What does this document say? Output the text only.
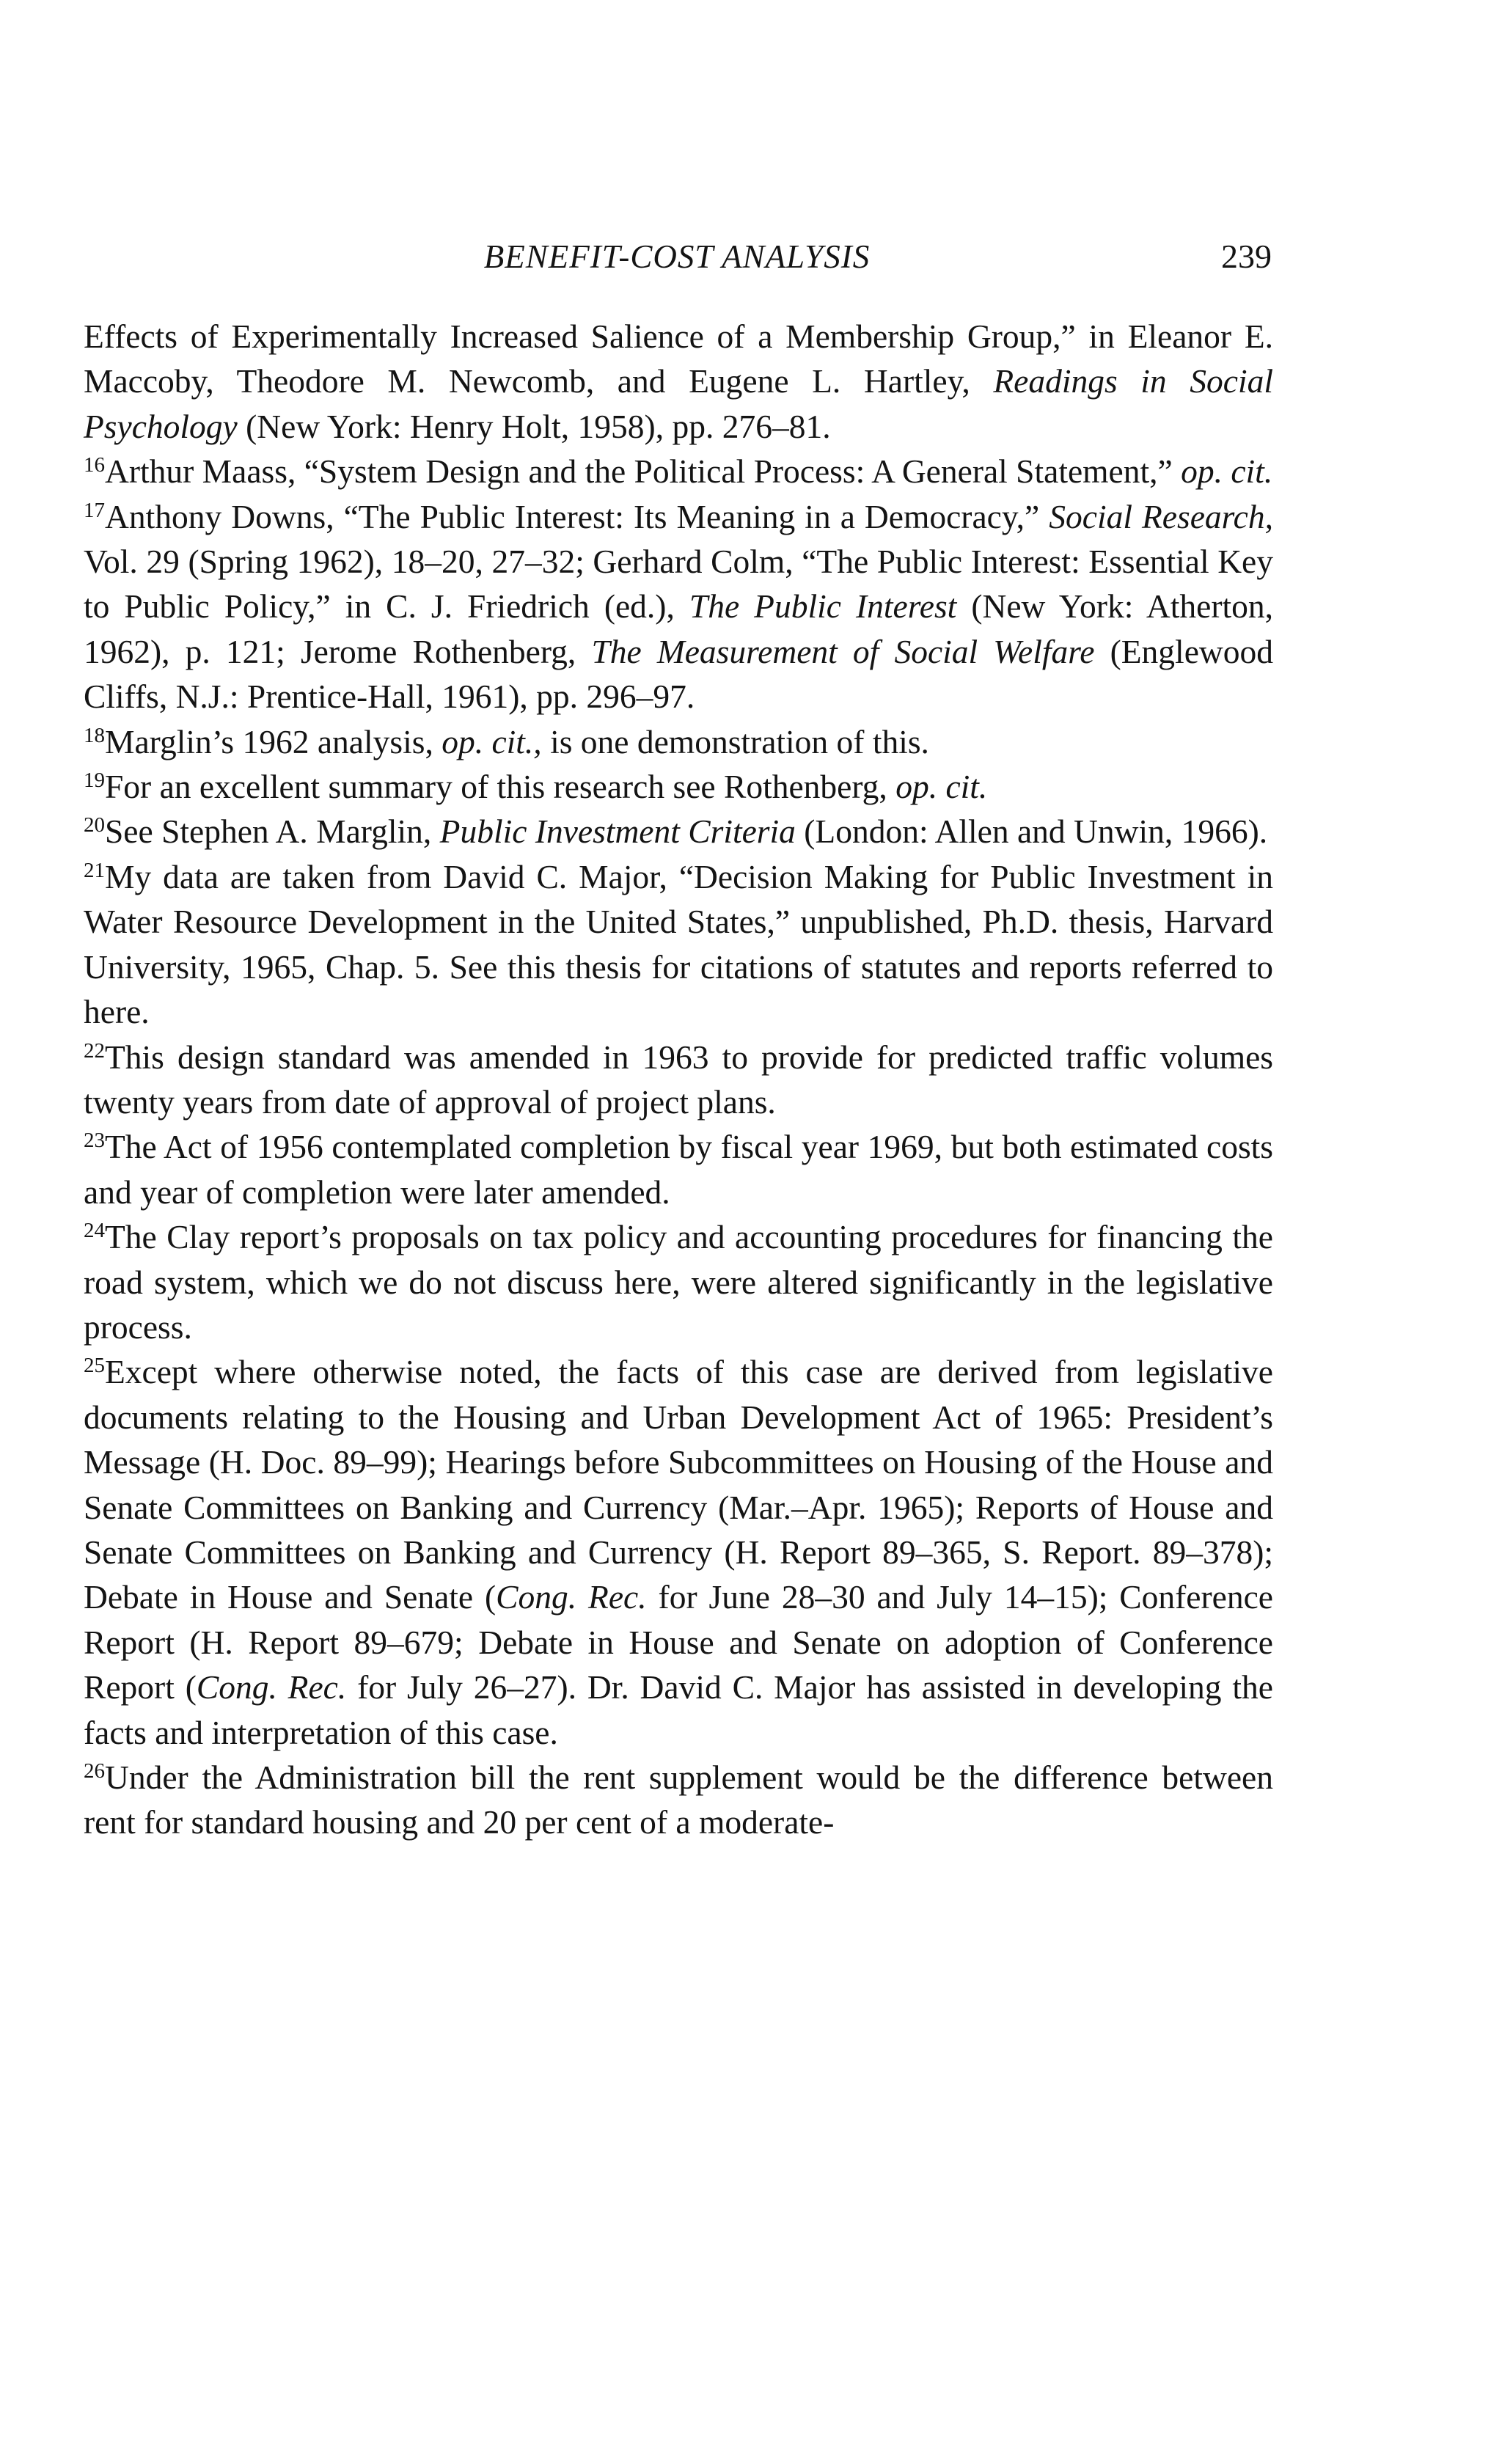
BENEFIT-COST ANALYSIS	239

Effects of Experimentally Increased Salience of a Membership Group,” in Eleanor E. Maccoby, Theodore M. Newcomb, and Eugene L. Hartley, Readings in Social Psychology (New York: Henry Holt, 1958), pp. 276–81.

$^{16}$Arthur Maass, “System Design and the Political Process: A General Statement,” op. cit.

$^{17}$Anthony Downs, “The Public Interest: Its Meaning in a Democracy,” Social Research, Vol. 29 (Spring 1962), 18–20, 27–32; Gerhard Colm, “The Public Interest: Essential Key to Public Policy,” in C. J. Friedrich (ed.), The Public Interest (New York: Atherton, 1962), p. 121; Jerome Rothenberg, The Measurement of Social Welfare (Englewood Cliffs, N.J.: Prentice-Hall, 1961), pp. 296–97.

$^{18}$Marglin’s 1962 analysis, op. cit., is one demonstration of this.

$^{19}$For an excellent summary of this research see Rothenberg, op. cit.

$^{20}$See Stephen A. Marglin, Public Investment Criteria (London: Allen and Unwin, 1966).

$^{21}$My data are taken from David C. Major, “Decision Making for Public Investment in Water Resource Development in the United States,” unpublished, Ph.D. thesis, Harvard University, 1965, Chap. 5. See this thesis for citations of statutes and reports referred to here.

$^{22}$This design standard was amended in 1963 to provide for predicted traffic volumes twenty years from date of approval of project plans.

$^{23}$The Act of 1956 contemplated completion by fiscal year 1969, but both estimated costs and year of completion were later amended.

$^{24}$The Clay report’s proposals on tax policy and accounting procedures for financing the road system, which we do not discuss here, were altered significantly in the legislative process.

$^{25}$Except where otherwise noted, the facts of this case are derived from legislative documents relating to the Housing and Urban Development Act of 1965: President’s Message (H. Doc. 89–99); Hearings before Subcommittees on Housing of the House and Senate Committees on Banking and Currency (Mar.–Apr. 1965); Reports of House and Senate Committees on Banking and Currency (H. Report 89–365, S. Report. 89–378); Debate in House and Senate (Cong. Rec. for June 28–30 and July 14–15); Conference Report (H. Report 89–679; Debate in House and Senate on adoption of Conference Report (Cong. Rec. for July 26–27). Dr. David C. Major has assisted in developing the facts and interpretation of this case.

$^{26}$Under the Administration bill the rent supplement would be the difference between rent for standard housing and 20 per cent of a moderate-
